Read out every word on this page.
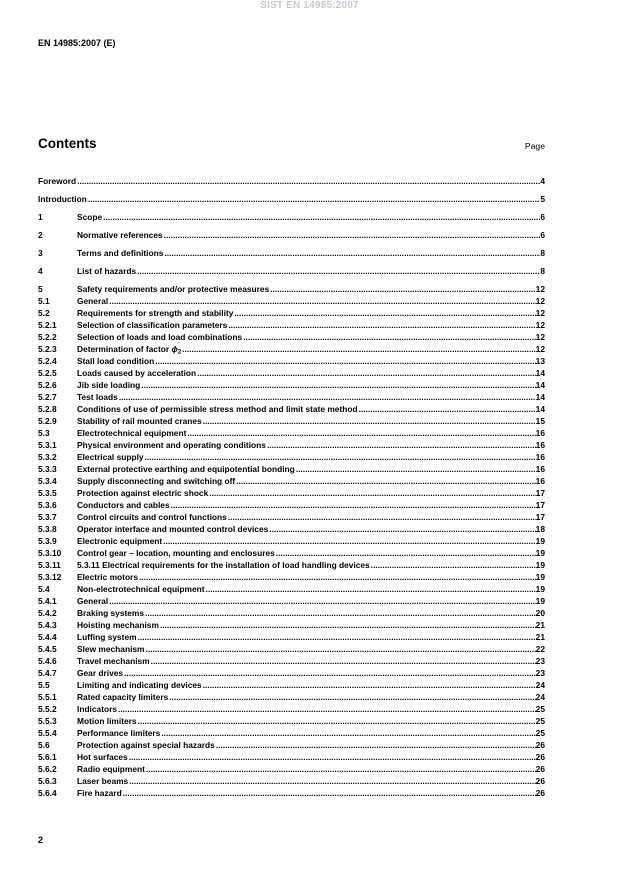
SIST EN 14985:2007
EN 14985:2007 (E)
Contents	Page
Foreword .....	4
Introduction .....	5
1	Scope .....	6
2	Normative references .....	6
3	Terms and definitions .....	8
4	List of hazards .....	8
5	Safety requirements and/or protective measures .....	12
5.1	General .....	12
5.2	Requirements for strength and stability .....	12
5.2.1	Selection of classification parameters .....	12
5.2.2	Selection of loads and load combinations .....	12
5.2.3	Determination of factor $\phi_2$ .....	12
5.2.4	Stall load condition .....	13
5.2.5	Loads caused by acceleration .....	14
5.2.6	Jib side loading .....	14
5.2.7	Test loads .....	14
5.2.8	Conditions of use of permissible stress method and limit state method .....	14
5.2.9	Stability of rail mounted cranes .....	15
5.3	Electrotechnical equipment .....	16
5.3.1	Physical environment and operating conditions .....	16
5.3.2	Electrical supply .....	16
5.3.3	External protective earthing and equipotential bonding .....	16
5.3.4	Supply disconnecting and switching off .....	16
5.3.5	Protection against electric shock .....	17
5.3.6	Conductors and cables .....	17
5.3.7	Control circuits and control functions .....	17
5.3.8	Operator interface and mounted control devices .....	18
5.3.9	Electronic equipment .....	19
5.3.10	Control gear – location, mounting and enclosures .....	19
5.3.11	5.3.11 Electrical requirements for the installation of load handling devices .....	19
5.3.12	Electric motors .....	19
5.4	Non-electrotechnical equipment .....	19
5.4.1	General .....	19
5.4.2	Braking systems .....	20
5.4.3	Hoisting mechanism .....	21
5.4.4	Luffing system .....	21
5.4.5	Slew mechanism .....	22
5.4.6	Travel mechanism .....	23
5.4.7	Gear drives .....	23
5.5	Limiting and indicating devices .....	24
5.5.1	Rated capacity limiters .....	24
5.5.2	Indicators .....	25
5.5.3	Motion limiters .....	25
5.5.4	Performance limiters .....	25
5.6	Protection against special hazards .....	26
5.6.1	Hot surfaces .....	26
5.6.2	Radio equipment .....	26
5.6.3	Laser beams .....	26
5.6.4	Fire hazard .....	26
2
